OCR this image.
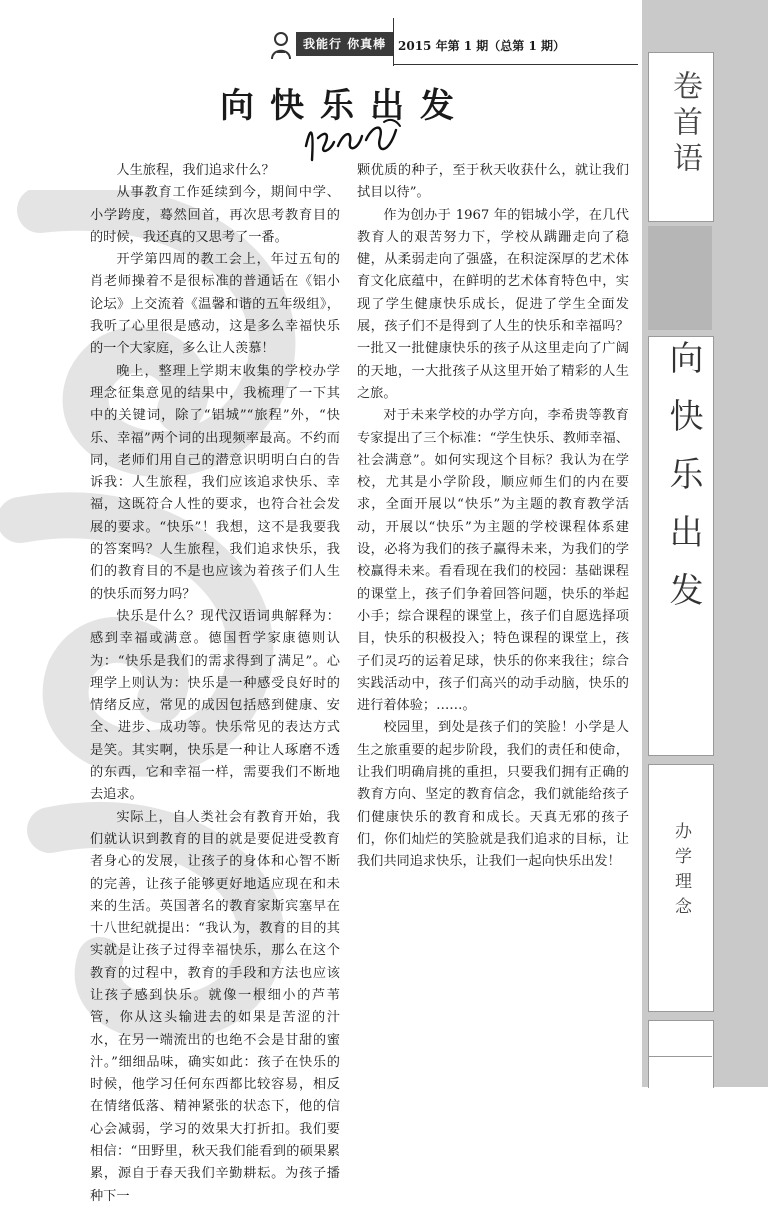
我能行 你真棒 2015 年第 1 期（总第 1 期）
向快乐出发

人生旅程，我们追求什么？

从事教育工作延续到今，期间中学、小学跨度，蓦然回首，再次思考教育目的的时候，我还真的又思考了一番。

开学第四周的教工会上，年过五旬的肖老师操着不是很标准的普通话在《铝小论坛》上交流着《温馨和谐的五年级组》，我听了心里很是感动，这是多么幸福快乐的一个大家庭，多么让人羡慕！

晚上，整理上学期末收集的学校办学理念征集意见的结果中，我梳理了一下其中的关键词，除了“铝城”“旅程”外，“快乐、幸福”两个词的出现频率最高。不约而同，老师们用自己的潜意识明明白白的告诉我：人生旅程，我们应该追求快乐、幸福，这既符合人性的要求，也符合社会发展的要求。“快乐”！我想，这不是我要我的答案吗？人生旅程，我们追求快乐，我们的教育目的不是也应该为着孩子们人生的快乐而努力吗？

快乐是什么？现代汉语词典解释为：感到幸福或满意。德国哲学家康德则认为：“快乐是我们的需求得到了满足”。心理学上则认为：快乐是一种感受良好时的情绪反应，常见的成因包括感到健康、安全、进步、成功等。快乐常见的表达方式是笑。其实啊，快乐是一种让人琢磨不透的东西，它和幸福一样，需要我们不断地去追求。

实际上，自人类社会有教育开始，我们就认识到教育的目的就是要促进受教育者身心的发展，让孩子的身体和心智不断的完善，让孩子能够更好地适应现在和未来的生活。英国著名的教育家斯宾塞早在十八世纪就提出：“我认为，教育的目的其实就是让孩子过得幸福快乐，那么在这个教育的过程中，教育的手段和方法也应该让孩子感到快乐。就像一根细小的芦苇管，你从这头输进去的如果是苦涩的汁水，在另一端流出的也绝不会是甘甜的蜜汁。”细细品味，确实如此：孩子在快乐的时候，他学习任何东西都比较容易，相反在情绪低落、精神紧张的状态下，他的信心会减弱，学习的效果大打折扣。我们要相信：“田野里，秋天我们能看到的硕果累累，源自于春天我们辛勤耕耘。为孩子播种下一

颗优质的种子，至于秋天收获什么，就让我们拭目以待”。

作为创办于 1967 年的铝城小学，在几代教育人的艰苦努力下，学校从蹒跚走向了稳健，从柔弱走向了强盛，在积淀深厚的艺术体育文化底蕴中，在鲜明的艺术体育特色中，实现了学生健康快乐成长，促进了学生全面发展，孩子们不是得到了人生的快乐和幸福吗？一批又一批健康快乐的孩子从这里走向了广阔的天地，一大批孩子从这里开始了精彩的人生之旅。

对于未来学校的办学方向，李希贵等教育专家提出了三个标准：“学生快乐、教师幸福、社会满意”。如何实现这个目标？我认为在学校，尤其是小学阶段，顺应师生们的内在要求，全面开展以“快乐”为主题的教育教学活动，开展以“快乐”为主题的学校课程体系建设，必将为我们的孩子赢得未来，为我们的学校赢得未来。看看现在我们的校园：基础课程的课堂上，孩子们争着回答问题，快乐的举起小手；综合课程的课堂上，孩子们自愿选择项目，快乐的积极投入；特色课程的课堂上，孩子们灵巧的运着足球，快乐的你来我往；综合实践活动中，孩子们高兴的动手动脑，快乐的进行着体验；……。

校园里，到处是孩子们的笑脸！小学是人生之旅重要的起步阶段，我们的责任和使命，让我们明确肩挑的重担，只要我们拥有正确的教育方向、坚定的教育信念，我们就能给孩子们健康快乐的教育和成长。天真无邪的孩子们，你们灿烂的笑脸就是我们追求的目标，让我们共同追求快乐，让我们一起向快乐出发！

卷首语
向快乐出发
办学理念
